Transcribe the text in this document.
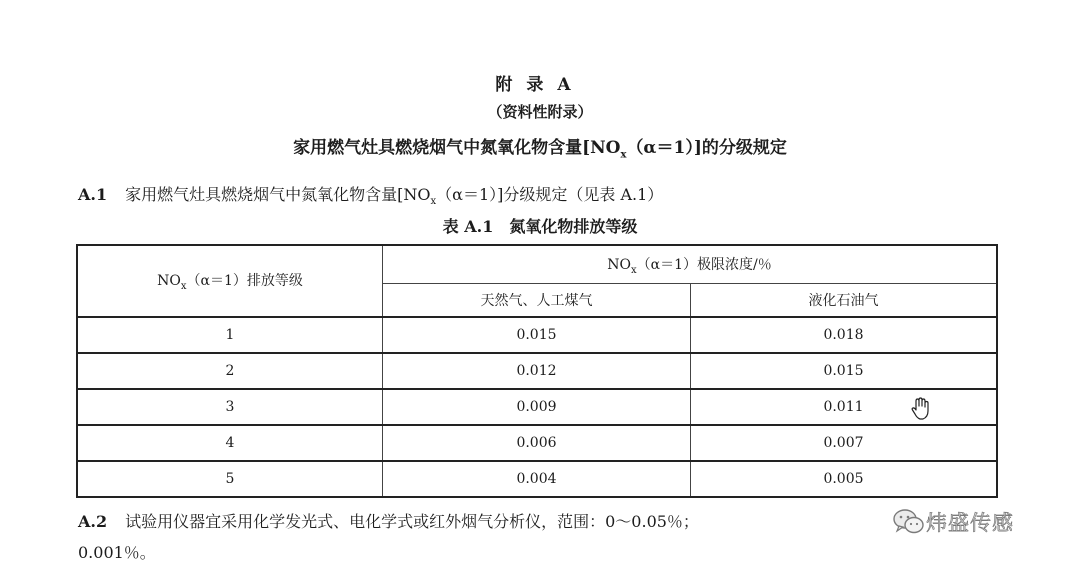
附录A
（资料性附录）
家用燃气灶具燃烧烟气中氮氧化物含量$[NO_x(\alpha=1)]$的分级规定
A.1 家用燃气灶具燃烧烟气中氮氧化物含量$[NO_x(\alpha=1)]$分级规定（见表 A.1）
表 A.1　氮氧化物排放等级
$NO_x(\alpha=1)$排放等级	$NO_x(\alpha=1)$极限浓度/％	
	天然气、人工煤气	液化石油气
1	0.015	0.018
2	0.012	0.015
3	0.009	0.011
4	0.006	0.007
5	0.004	0.005
A.2 试验用仪器宜采用化学发光式、电化学式或红外烟气分析仪，范围：0～0.05％；
0.001％。
炜盛传感
